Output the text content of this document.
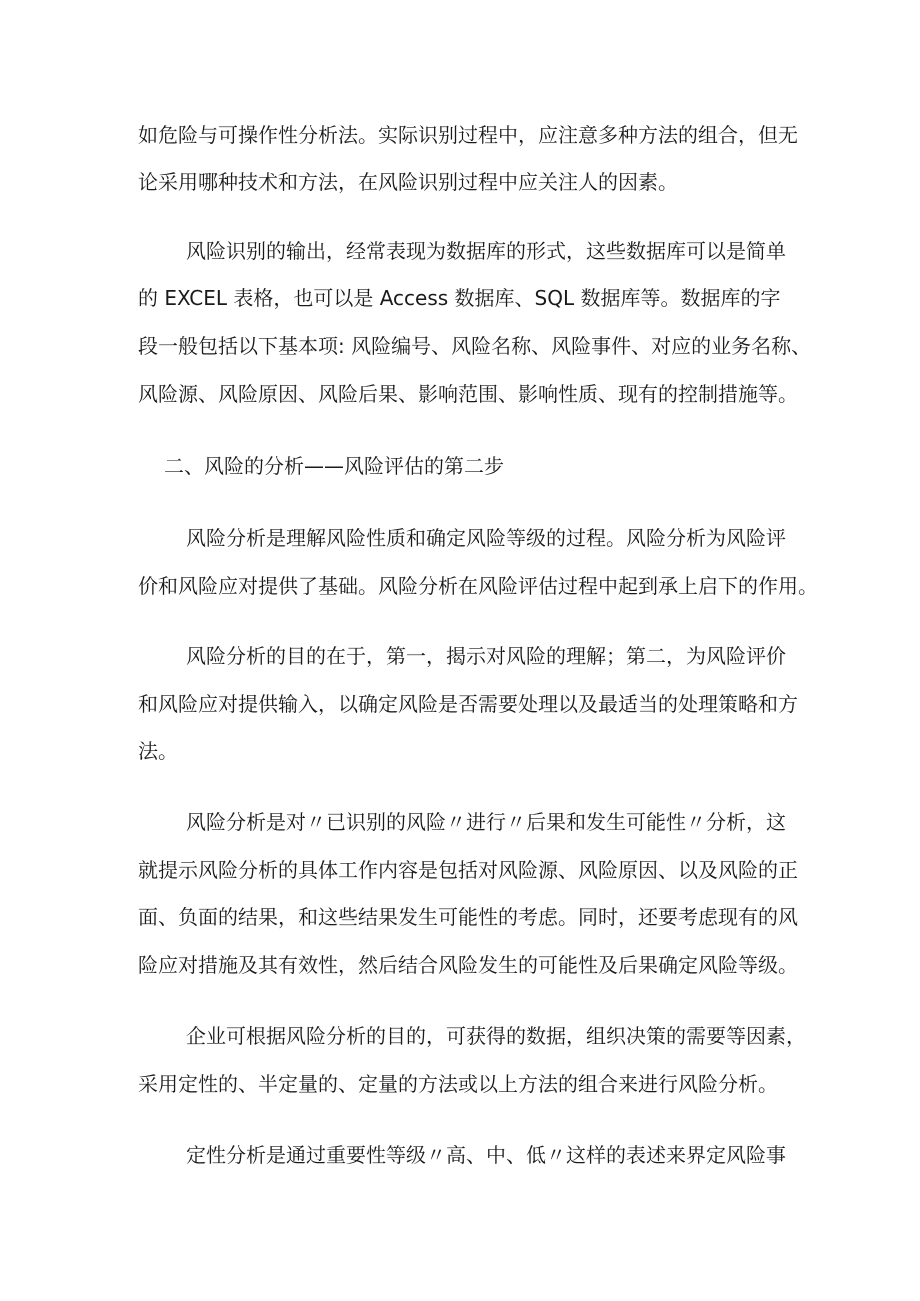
如危险与可操作性分析法。实际识别过程中，应注意多种方法的组合，但无
论采用哪种技术和方法，在风险识别过程中应关注人的因素。
风险识别的输出，经常表现为数据库的形式，这些数据库可以是简单
的 EXCEL 表格，也可以是 Access 数据库、SQL 数据库等。数据库的字
段一般包括以下基本项: 风险编号、风险名称、风险事件、对应的业务名称、
风险源、风险原因、风险后果、影响范围、影响性质、现有的控制措施等。
二、风险的分析——风险评估的第二步
风险分析是理解风险性质和确定风险等级的过程。风险分析为风险评
价和风险应对提供了基础。风险分析在风险评估过程中起到承上启下的作用。
风险分析的目的在于，第一，揭示对风险的理解；第二，为风险评价
和风险应对提供输入，以确定风险是否需要处理以及最适当的处理策略和方
法。
风险分析是对〃已识别的风险〃进行〃后果和发生可能性〃分析，这
就提示风险分析的具体工作内容是包括对风险源、风险原因、以及风险的正
面、负面的结果，和这些结果发生可能性的考虑。同时，还要考虑现有的风
险应对措施及其有效性，然后结合风险发生的可能性及后果确定风险等级。
企业可根据风险分析的目的，可获得的数据，组织决策的需要等因素，
采用定性的、半定量的、定量的方法或以上方法的组合来进行风险分析。
定性分析是通过重要性等级〃高、中、低〃这样的表述来界定风险事
